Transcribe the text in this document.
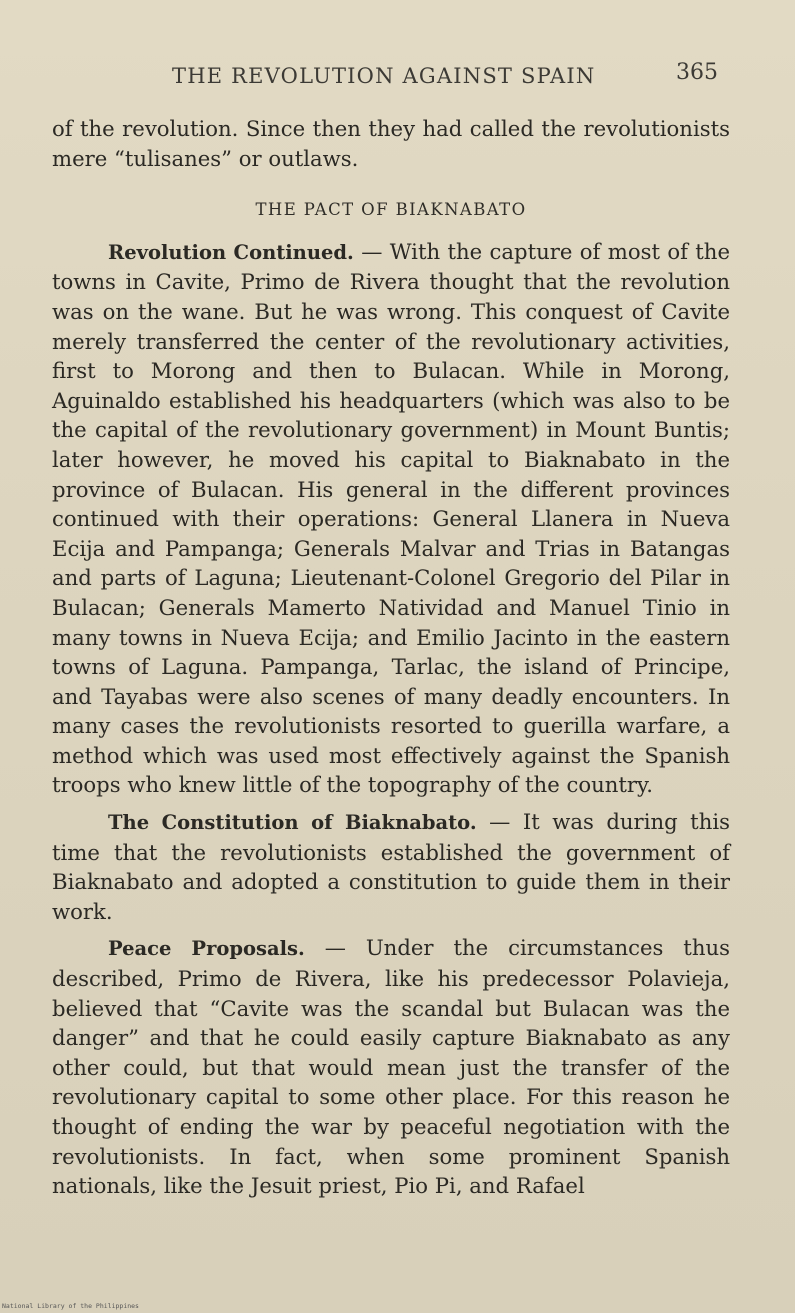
THE REVOLUTION AGAINST SPAIN	365

of the revolution. Since then they had called the revolutionists mere “tulisanes” or outlaws.

THE PACT OF BIAKNABATO

Revolution Continued. — With the capture of most of the towns in Cavite, Primo de Rivera thought that the revolution was on the wane. But he was wrong. This conquest of Cavite merely transferred the center of the revolutionary activities, first to Morong and then to Bulacan. While in Morong, Aguinaldo established his headquarters (which was also to be the capital of the revolutionary government) in Mount Buntis; later however, he moved his capital to Biaknabato in the province of Bulacan. His general in the different provinces continued with their operations: General Llanera in Nueva Ecija and Pampanga; Generals Malvar and Trias in Batangas and parts of Laguna; Lieutenant-Colonel Gregorio del Pilar in Bulacan; Generals Mamerto Natividad and Manuel Tinio in many towns in Nueva Ecija; and Emilio Jacinto in the eastern towns of Laguna. Pampanga, Tarlac, the island of Principe, and Tayabas were also scenes of many deadly encounters. In many cases the revolutionists resorted to guerilla warfare, a method which was used most effectively against the Spanish troops who knew little of the topography of the country.

The Constitution of Biaknabato. — It was during this time that the revolutionists established the government of Biaknabato and adopted a constitution to guide them in their work.

Peace Proposals. — Under the circumstances thus described, Primo de Rivera, like his predecessor Polavieja, believed that “Cavite was the scandal but Bulacan was the danger” and that he could easily capture Biaknabato as any other could, but that would mean just the transfer of the revolutionary capital to some other place. For this reason he thought of ending the war by peaceful negotiation with the revolutionists. In fact, when some prominent Spanish nationals, like the Jesuit priest, Pio Pi, and Rafael

National Library of the Philippines
